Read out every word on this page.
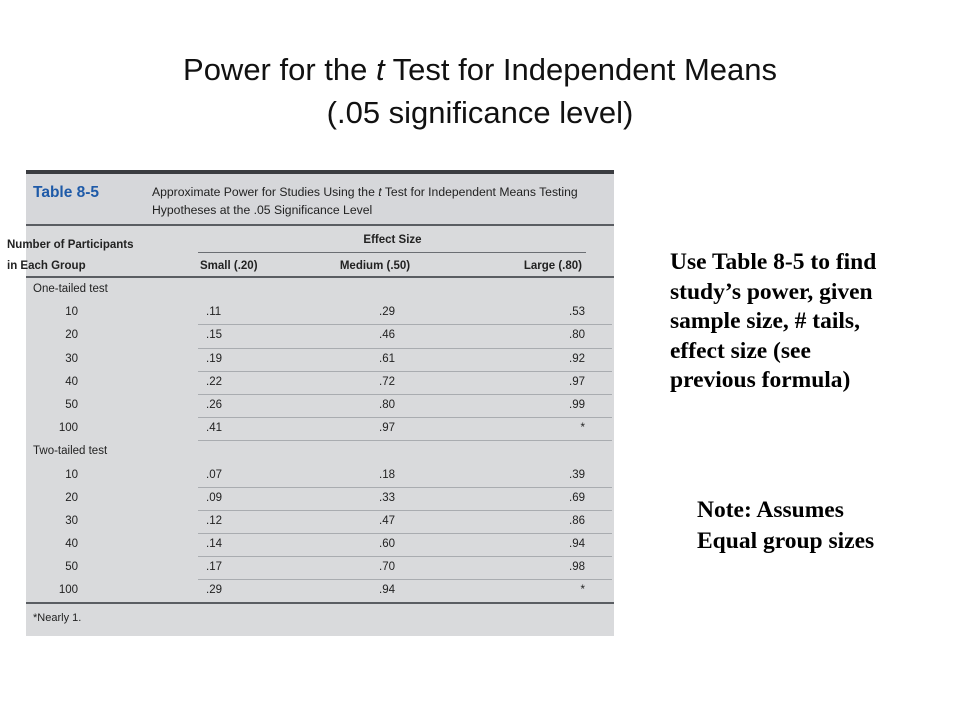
Power for the t Test for Independent Means
(.05 significance level)
Table 8-5	Approximate Power for Studies Using the t Test for Independent Means Testing Hypotheses at the .05 Significance Level
Number of Participants
in Each Group
Effect Size
Small (.20)	Medium (.50)	Large (.80)
One-tailed test
10	.11	.29	.53
20	.15	.46	.80
30	.19	.61	.92
40	.22	.72	.97
50	.26	.80	.99
100	.41	.97	*
Two-tailed test
10	.07	.18	.39
20	.09	.33	.69
30	.12	.47	.86
40	.14	.60	.94
50	.17	.70	.98
100	.29	.94	*
*Nearly 1.
Use Table 8-5 to find
study’s power, given
sample size, # tails,
effect size (see
previous formula)
Note: Assumes
Equal group sizes
